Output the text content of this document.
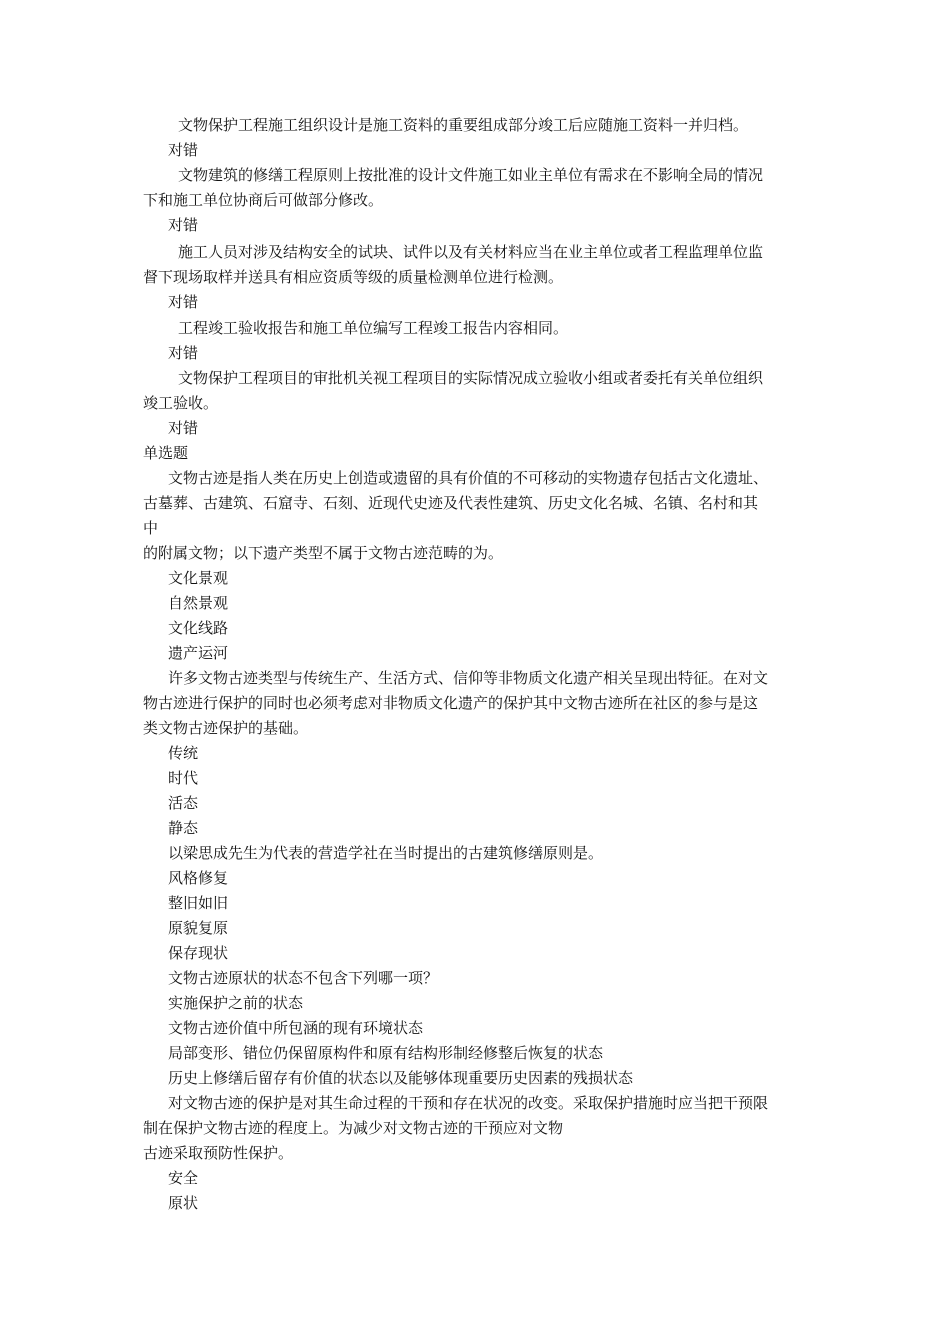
文物保护工程施工组织设计是施工资料的重要组成部分竣工后应随施工资料一并归档。
对错
文物建筑的修缮工程原则上按批准的设计文件施工如业主单位有需求在不影响全局的情况
下和施工单位协商后可做部分修改。
对错
施工人员对涉及结构安全的试块、试件以及有关材料应当在业主单位或者工程监理单位监
督下现场取样并送具有相应资质等级的质量检测单位进行检测。
对错
工程竣工验收报告和施工单位编写工程竣工报告内容相同。
对错
文物保护工程项目的审批机关视工程项目的实际情况成立验收小组或者委托有关单位组织
竣工验收。
对错
单选题
文物古迹是指人类在历史上创造或遗留的具有价值的不可移动的实物遗存包括古文化遗址、
古墓葬、古建筑、石窟寺、石刻、近现代史迹及代表性建筑、历史文化名城、名镇、名村和其
中
的附属文物；以下遗产类型不属于文物古迹范畴的为。
文化景观
自然景观
文化线路
遗产运河
许多文物古迹类型与传统生产、生活方式、信仰等非物质文化遗产相关呈现出特征。在对文
物古迹进行保护的同时也必须考虑对非物质文化遗产的保护其中文物古迹所在社区的参与是这
类文物古迹保护的基础。
传统
时代
活态
静态
以梁思成先生为代表的营造学社在当时提出的古建筑修缮原则是。
风格修复
整旧如旧
原貌复原
保存现状
文物古迹原状的状态不包含下列哪一项？
实施保护之前的状态
文物古迹价值中所包涵的现有环境状态
局部变形、错位仍保留原构件和原有结构形制经修整后恢复的状态
历史上修缮后留存有价值的状态以及能够体现重要历史因素的残损状态
对文物古迹的保护是对其生命过程的干预和存在状况的改变。采取保护措施时应当把干预限
制在保护文物古迹的程度上。为减少对文物古迹的干预应对文物
古迹采取预防性保护。
安全
原状
